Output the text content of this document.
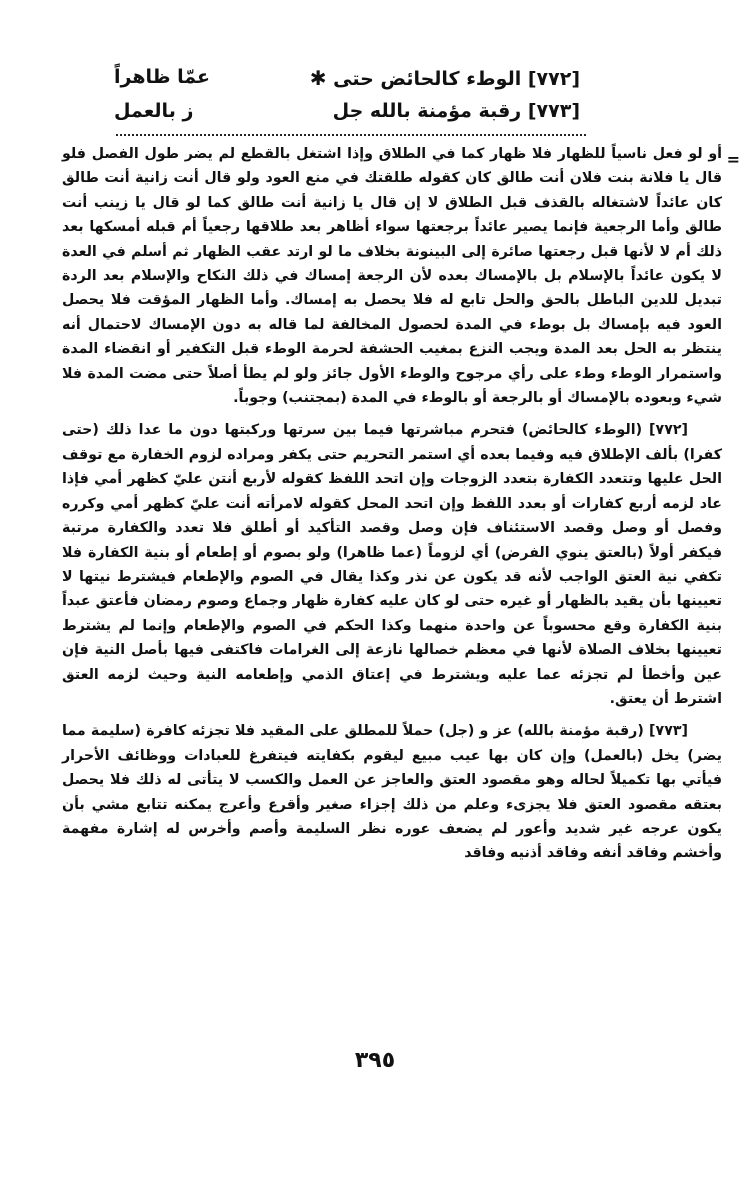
[٧٧٢] الوطء كالحائض حتى ✱
عمّا ظاهراً
[٧٧٣] رقبة مؤمنة بالله جل
ز بالعمل
=

أو لو فعل ناسياً للظهار فلا ظهار كما في الطلاق وإذا اشتغل بالقطع لم يضر طول الفصل فلو قال يا فلانة بنت فلان أنت طالق كان كقوله طلقتك في منع العود ولو قال أنت زانية أنت طالق كان عائداً لاشتغاله بالقذف قبل الطلاق لا إن قال يا زانية أنت طالق كما لو قال يا زينب أنت طالق وأما الرجعية فإنما يصير عائداً برجعتها سواء أظاهر بعد طلاقها رجعياً أم قبله أمسكها بعد ذلك أم لا لأنها قبل رجعتها صائرة إلى البينونة بخلاف ما لو ارتد عقب الظهار ثم أسلم في العدة لا يكون عائداً بالإسلام بل بالإمساك بعده لأن الرجعة إمساك في ذلك النكاح والإسلام بعد الردة تبديل للدين الباطل بالحق والحل تابع له فلا يحصل به إمساك. وأما الظهار المؤقت فلا يحصل العود فيه بإمساك بل بوطء في المدة لحصول المخالفة لما قاله به دون الإمساك لاحتمال أنه ينتظر به الحل بعد المدة ويجب النزع بمغيب الحشفة لحرمة الوطء قبل التكفير أو انقضاء المدة واستمرار الوطء وطء على رأي مرجوح والوطء الأول جائز ولو لم يطأ أصلاً حتى مضت المدة فلا شيء وبعوده بالإمساك أو بالرجعة أو بالوطء في المدة (بمجتنب) وجوباً.

[٧٧٢] (الوطء كالحائض) فتحرم مباشرتها فيما بين سرتها وركبتها دون ما عدا ذلك (حتى كفرا) بألف الإطلاق فيه وفيما بعده أي استمر التحريم حتى يكفر ومراده لزوم الخفارة مع توقف الحل عليها وتتعدد الكفارة بتعدد الزوجات وإن اتحد اللفظ كقوله لأربع أنتن عليّ كظهر أمي فإذا عاد لزمه أربع كفارات أو بعدد اللفظ وإن اتحد المحل كقوله لامرأته أنت عليّ كظهر أمي وكرره وفصل أو وصل وقصد الاستئناف فإن وصل وقصد التأكيد أو أطلق فلا تعدد والكفارة مرتبة فيكفر أولاً (بالعتق ينوي الفرض) أي لزوماً (عما ظاهرا) ولو بصوم أو إطعام أو بنية الكفارة فلا تكفي نية العتق الواجب لأنه قد يكون عن نذر وكذا يقال في الصوم والإطعام فيشترط نيتها لا تعيينها بأن يقيد بالظهار أو غيره حتى لو كان عليه كفارة ظهار وجماع وصوم رمضان فأعتق عبداً بنية الكفارة وقع محسوباً عن واحدة منهما وكذا الحكم في الصوم والإطعام وإنما لم يشترط تعيينها بخلاف الصلاة لأنها في معظم خصالها نازعة إلى الغرامات فاكتفى فيها بأصل النية فإن عين وأخطأ لم تجزئه عما عليه ويشترط في إعتاق الذمي وإطعامه النية وحيث لزمه العتق اشترط أن يعتق.

[٧٧٣] (رقبة مؤمنة بالله) عز و (جل) حملاً للمطلق على المقيد فلا تجزئه كافرة (سليمة مما يضر) يخل (بالعمل) وإن كان بها عيب مبيع ليقوم بكفايته فيتفرغ للعبادات ووظائف الأحرار فيأتي بها تكميلاً لحاله وهو مقصود العتق والعاجز عن العمل والكسب لا يتأتى له ذلك فلا يحصل بعتقه مقصود العتق فلا يجزىء وعلم من ذلك إجزاء صغير وأقرع وأعرج يمكنه تتابع مشي بأن يكون عرجه غير شديد وأعور لم يضعف عوره نظر السليمة وأصم وأخرس له إشارة مفهمة وأخشم وفاقد أنفه وفاقد أذنيه وفاقد

٣٩٥
